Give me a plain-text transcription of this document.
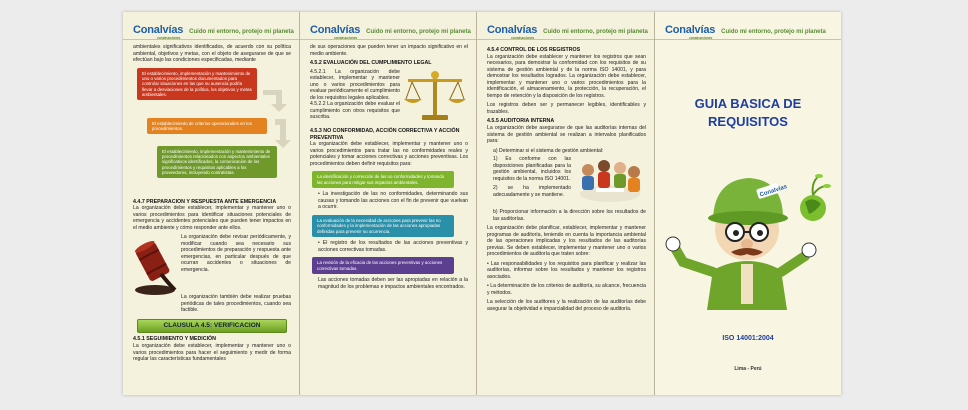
Conalvías
construcciones
Cuido mi entorno, protejo mi planeta

ambientales significativos identificados, de acuerdo con su política ambiental, objetivos y metas, con el objeto de asegurarse de que se efectúan bajo las condiciones especificadas, mediante

El establecimiento, implementación y mantenimiento de uno o varios procedimientos documentados para controlar situaciones en las que su ausencia podría llevar a desviaciones de la política, los objetivos y metas ambientales.
El establecimiento de criterios operacionales en los procedimientos.
El establecimiento, implementación y mantenimiento de procedimientos relacionados con aspectos ambientales significativos identificados, la comunicación de los procedimientos y requisitos aplicables a los proveedores, incluyendo contratistas.
4.4.7 PREPARACION Y RESPUESTA ANTE EMERGENCIA

La organización debe establecer, implementar y mantener uno o varios procedimientos para identificar situaciones potenciales de emergencia y accidentes potenciales que pueden tener impactos en el medio ambiente y cómo responder ante ellos.

La organización debe revisar periódicamente, y modificar cuando sea necesario sus procedimientos de preparación y respuesta ante emergencias, en particular después de que ocurran accidentes o situaciones de emergencia.

La organización también debe realizar pruebas periódicas de tales procedimientos, cuando sea factible.

CLAUSULA 4.5: VERIFICACION
4.5.1 SEGUIMIENTO Y MEDICIÓN

La organización debe establecer, implementar y mantener uno o varios procedimientos para hacer el seguimiento y medir de forma regular las características fundamentales

Conalvías
construcciones
Cuido mi entorno, protejo mi planeta

de sus operaciones que pueden tener un impacto significativo en el medio ambiente.

4.5.2 EVALUACIÓN DEL CUMPLIMIENTO LEGAL

4.5.2.1 La organización debe establecer, implementar y mantener uno o varios procedimientos para evaluar periódicamente el cumplimiento de los requisitos legales aplicables.

4.5.2.2 La organización debe evaluar el cumplimiento con otros requisitos que suscriba.

4.5.3 NO CONFORMIDAD, ACCIÓN CORRECTIVA Y ACCIÓN PREVENTIVA

La organización debe establecer, implementar y mantener uno o varios procedimientos para tratar las no conformidades reales y potenciales y tomar acciones correctivas y acciones preventivas. Los procedimientos deben definir requisitos para:

La identificación y corrección de las no conformidades y tomando las acciones para mitigar sus impactos ambientales.

• La investigación de las no conformidades, determinando sus causas y tomando las acciones con el fin de prevenir que vuelvan a ocurrir.

La evaluación de la necesidad de acciones para prevenir las no conformidades y la implementación de las acciones apropiadas definidas para prevenir su ocurrencia.

• El registro de los resultados de las acciones preventivas y acciones correctivas tomadas.

La revisión de la eficacia de las acciones preventivas y acciones correctivas tomadas.

Las acciones tomadas deben ser las apropiadas en relación a la magnitud de los problemas e impactos ambientales encontrados.

Conalvías
construcciones
Cuido mi entorno, protejo mi planeta
4.5.4 CONTROL DE LOS REGISTROS

La organización debe establecer y mantener los registros que sean necesarios, para demostrar la conformidad con los requisitos de su sistema de gestión ambiental y de la norma ISO 14001, y para demostrar los resultados logrados. La organización debe establecer, implementar y mantener uno o varios procedimientos para la identificación, el almacenamiento, la protección, la recuperación, el tiempo de retención y la disposición de los registros.

Los registros deben ser y permanecer legibles, identificables y trazables.

4.5.5 AUDITORIA INTERNA

La organización debe asegurarse de que las auditorías internas del sistema de gestión ambiental se realizan a intervalos planificados para:

a) Determinar si el sistema de gestión ambiental:

1) Es conforme con las disposiciones planificadas para la gestión ambiental, incluidos los requisitos de la norma ISO 14001.

2) se ha implementado adecuadamente y se mantiene.

b) Proporcionar información a la dirección sobre los resultados de las auditorías.

La organización debe planificar, establecer, implementar y mantener programas de auditoría, teniendo en cuenta la importancia ambiental de las operaciones implicadas y los resultados de las auditorías previas. Se deben establecer, implementar y mantener uno o varios procedimientos de auditoría que traten sobre:

• Las responsabilidades y los requisitos para planificar y realizar las auditorías, informar sobre los resultados y mantener los registros asociados.

• La determinación de los criterios de auditoría, su alcance, frecuencia y métodos.

La selección de los auditores y la realización de las auditorías debe asegurar la objetividad e imparcialidad del proceso de auditoría.

Conalvías
construcciones
Cuido mi entorno, protejo mi planeta
GUIA BASICA DE
REQUISITOS
Conalvías
ISO 14001:2004
Lima - Perú
